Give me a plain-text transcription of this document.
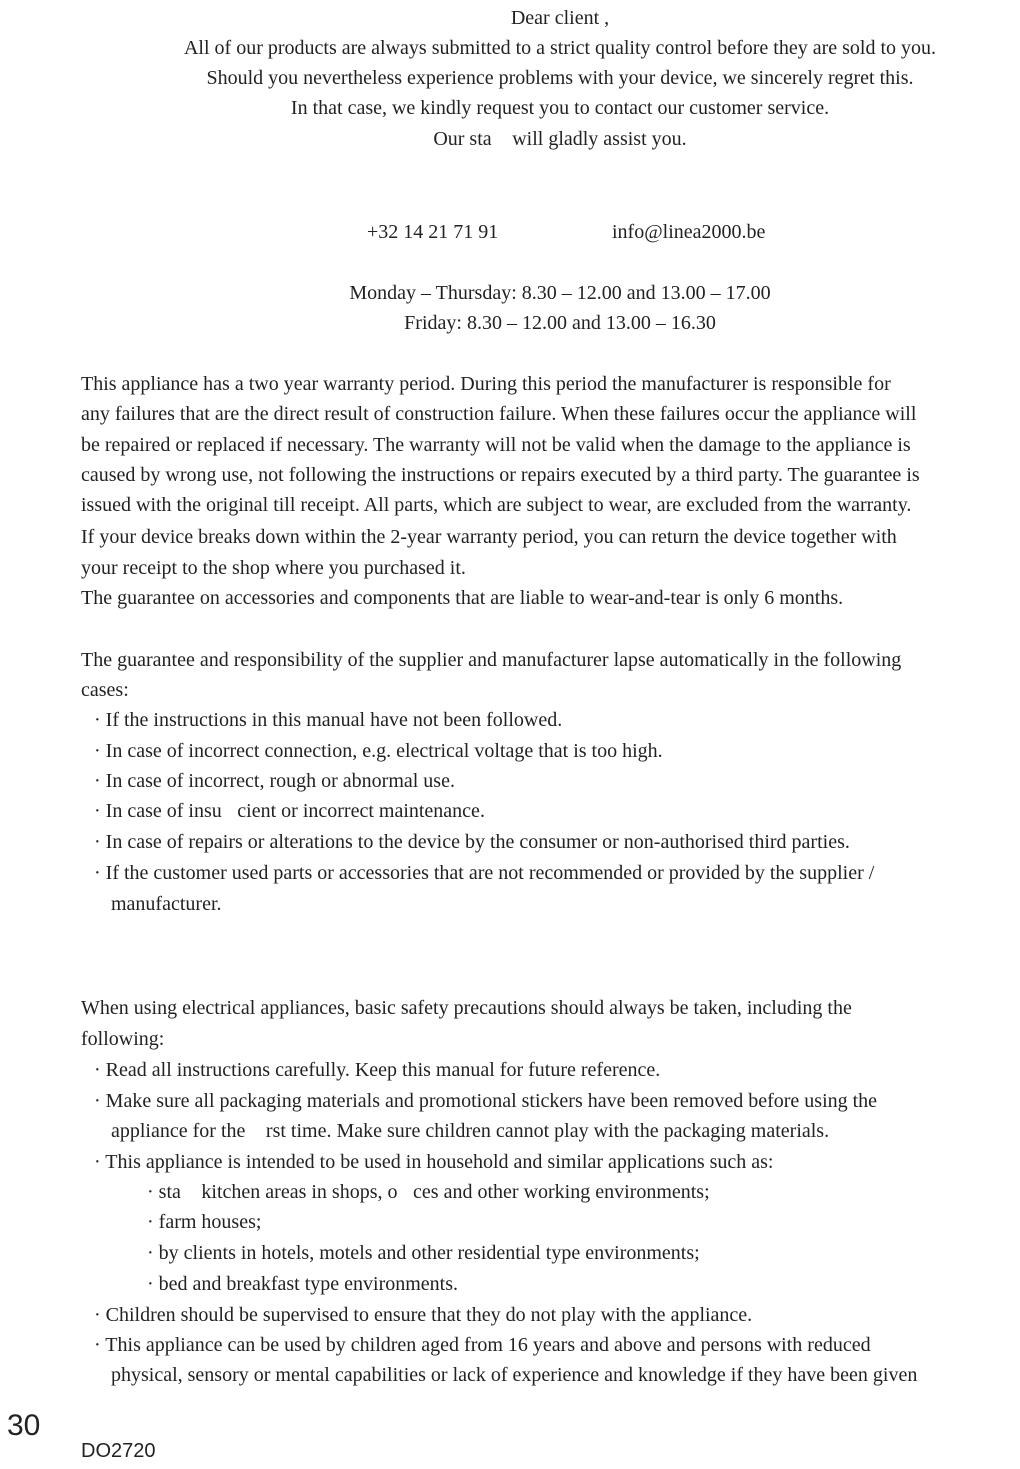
Dear client ,
All of our products are always submitted to a strict quality control before they are sold to you.
Should you nevertheless experience problems with your device, we sincerely regret this.
In that case, we kindly request you to contact our customer service.
Our sta will gladly assist you.
+32 14 21 71 91	info@linea2000.be
Monday – Thursday: 8.30 – 12.00 and 13.00 – 17.00
Friday: 8.30 – 12.00 and 13.00 – 16.30
This appliance has a two year warranty period. During this period the manufacturer is responsible for
any failures that are the direct result of construction failure. When these failures occur the appliance will
be repaired or replaced if necessary. The warranty will not be valid when the damage to the appliance is
caused by wrong use, not following the instructions or repairs executed by a third party. The guarantee is
issued with the original till receipt. All parts, which are subject to wear, are excluded from the warranty.
If your device breaks down within the 2-year warranty period, you can return the device together with
your receipt to the shop where you purchased it.
The guarantee on accessories and components that are liable to wear-and-tear is only 6 months.
The guarantee and responsibility of the supplier and manufacturer lapse automatically in the following
cases:
· If the instructions in this manual have not been followed.
· In case of incorrect connection, e.g. electrical voltage that is too high.
· In case of incorrect, rough or abnormal use.
· In case of insu cient or incorrect maintenance.
· In case of repairs or alterations to the device by the consumer or non-authorised third parties.
· If the customer used parts or accessories that are not recommended or provided by the supplier /
manufacturer.
When using electrical appliances, basic safety precautions should always be taken, including the
following:
· Read all instructions carefully. Keep this manual for future reference.
· Make sure all packaging materials and promotional stickers have been removed before using the
appliance for the rst time. Make sure children cannot play with the packaging materials.
· This appliance is intended to be used in household and similar applications such as:
· sta kitchen areas in shops, o ces and other working environments;
· farm houses;
· by clients in hotels, motels and other residential type environments;
· bed and breakfast type environments.
· Children should be supervised to ensure that they do not play with the appliance.
· This appliance can be used by children aged from 16 years and above and persons with reduced
physical, sensory or mental capabilities or lack of experience and knowledge if they have been given
30
DO2720
